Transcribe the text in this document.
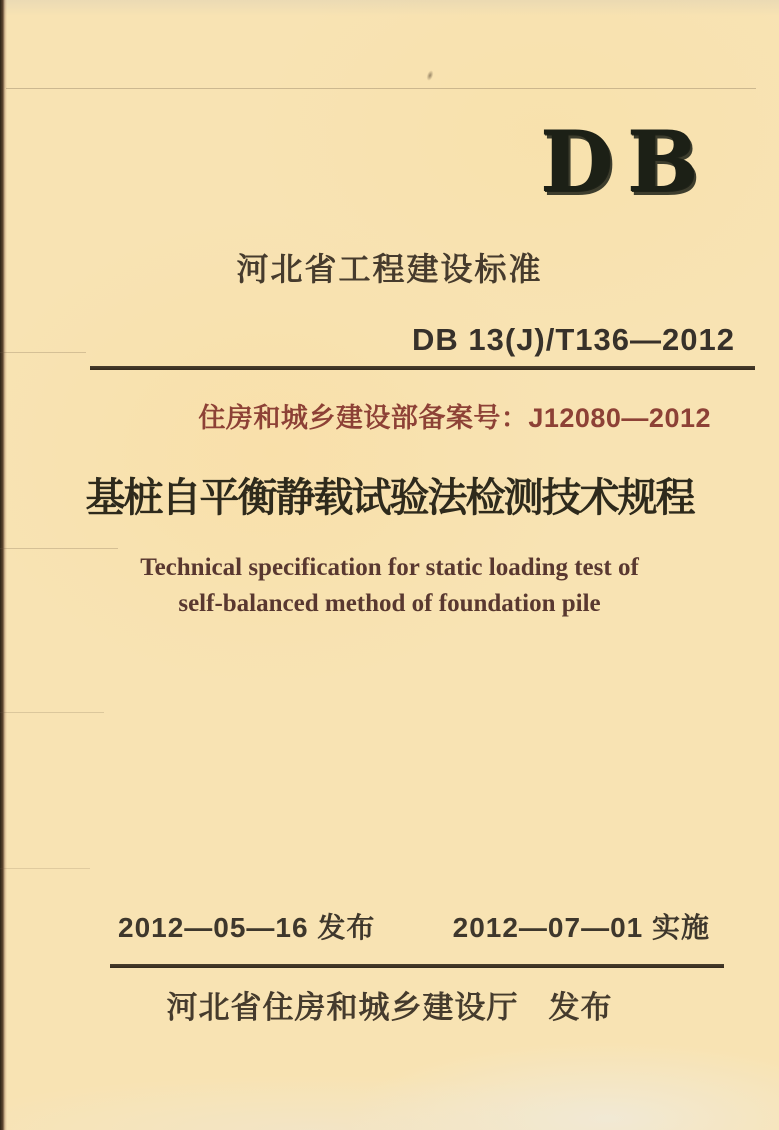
DB
河北省工程建设标准
DB 13(J)/T136—2012
住房和城乡建设部备案号：J12080—2012
基桩自平衡静载试验法检测技术规程
Technical specification for static loading test of
self-balanced method of foundation pile
2012—05—16 发布	2012—07—01 实施
河北省住房和城乡建设厅 发布
